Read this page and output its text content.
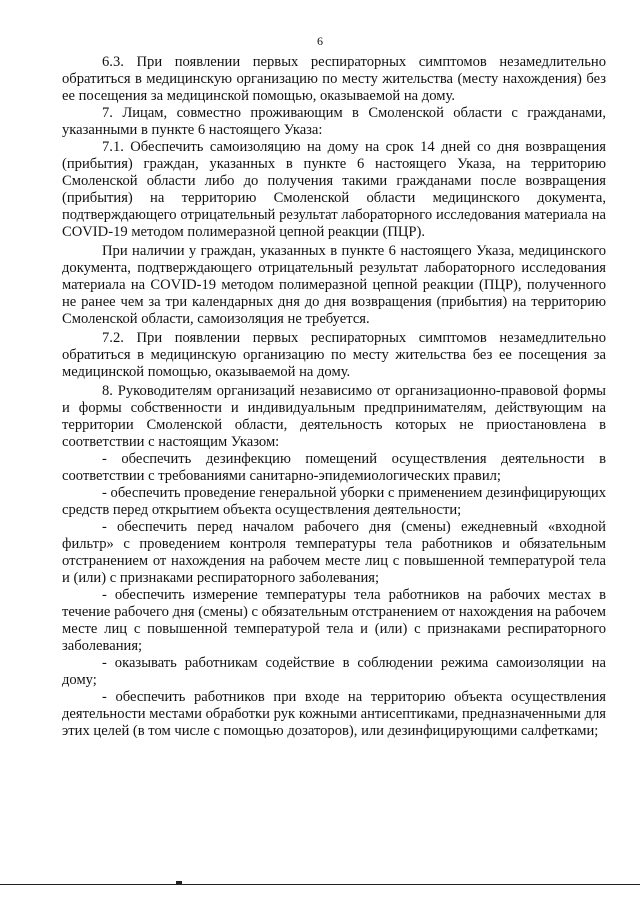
6

6.3. При появлении первых респираторных симптомов незамедлительно обратиться в медицинскую организацию по месту жительства (месту нахождения) без ее посещения за медицинской помощью, оказываемой на дому.

7. Лицам, совместно проживающим в Смоленской области с гражданами, указанными в пункте 6 настоящего Указа:

7.1. Обеспечить самоизоляцию на дому на срок 14 дней со дня возвращения (прибытия) граждан, указанных в пункте 6 настоящего Указа, на территорию Смоленской области либо до получения такими гражданами после возвращения (прибытия) на территорию Смоленской области медицинского документа, подтверждающего отрицательный результат лабораторного исследования материала на COVID-19 методом полимеразной цепной реакции (ПЦР).

При наличии у граждан, указанных в пункте 6 настоящего Указа, медицинского документа, подтверждающего отрицательный результат лабораторного исследования материала на COVID-19 методом полимеразной цепной реакции (ПЦР), полученного не ранее чем за три календарных дня до дня возвращения (прибытия) на территорию Смоленской области, самоизоляция не требуется.

7.2. При появлении первых респираторных симптомов незамедлительно обратиться в медицинскую организацию по месту жительства без ее посещения за медицинской помощью, оказываемой на дому.

8. Руководителям организаций независимо от организационно-правовой формы и формы собственности и индивидуальным предпринимателям, действующим на территории Смоленской области, деятельность которых не приостановлена в соответствии с настоящим Указом:

- обеспечить дезинфекцию помещений осуществления деятельности в соответствии с требованиями санитарно-эпидемиологических правил;

- обеспечить проведение генеральной уборки с применением дезинфицирующих средств перед открытием объекта осуществления деятельности;

- обеспечить перед началом рабочего дня (смены) ежедневный «входной фильтр» с проведением контроля температуры тела работников и обязательным отстранением от нахождения на рабочем месте лиц с повышенной температурой тела и (или) с признаками респираторного заболевания;

- обеспечить измерение температуры тела работников на рабочих местах в течение рабочего дня (смены) с обязательным отстранением от нахождения на рабочем месте лиц с повышенной температурой тела и (или) с признаками респираторного заболевания;

- оказывать работникам содействие в соблюдении режима самоизоляции на дому;

- обеспечить работников при входе на территорию объекта осуществления деятельности местами обработки рук кожными антисептиками, предназначенными для этих целей (в том числе с помощью дозаторов), или дезинфицирующими салфетками;
